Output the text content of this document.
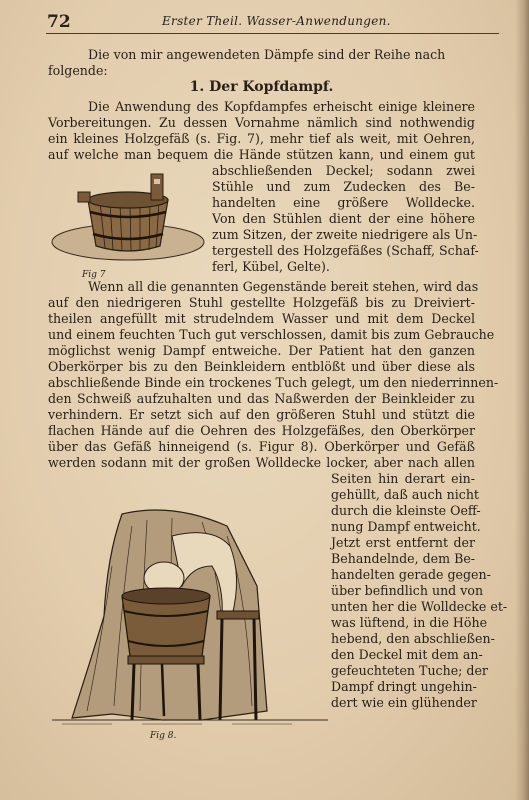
72	Erster Theil. Wasser-Anwendungen.
Die von mir angewendeten Dämpfe sind der Reihe nach
folgende:
1. Der Kopfdampf.
Die Anwendung des Kopfdampfes erheischt einige kleinere
Vorbereitungen. Zu dessen Vornahme nämlich sind nothwendig
ein kleines Holzgefäß (s. Fig. 7), mehr tief als weit, mit Oehren,
auf welche man bequem die Hände stützen kann, und einem gut
Fig 7
abschließenden Deckel; sodann zwei
Stühle und zum Zudecken des Be-
handelten eine größere Wolldecke.
Von den Stühlen dient der eine höhere
zum Sitzen, der zweite niedrigere als Un-
tergestell des Holzgefäßes (Schaff, Schaf-
ferl, Kübel, Gelte).
Wenn all die genannten Gegenstände bereit stehen, wird das
auf den niedrigeren Stuhl gestellte Holzgefäß bis zu Dreiviert-
theilen angefüllt mit strudelndem Wasser und mit dem Deckel
und einem feuchten Tuch gut verschlossen, damit bis zum Gebrauche
möglichst wenig Dampf entweiche. Der Patient hat den ganzen
Oberkörper bis zu den Beinkleidern entblößt und über diese als
abschließende Binde ein trockenes Tuch gelegt, um den niederrinnen-
den Schweiß aufzuhalten und das Naßwerden der Beinkleider zu
verhindern. Er setzt sich auf den größeren Stuhl und stützt die
flachen Hände auf die Oehren des Holzgefäßes, den Oberkörper
über das Gefäß hinneigend (s. Figur 8). Oberkörper und Gefäß
werden sodann mit der großen Wolldecke locker, aber nach allen
Fig 8.
Seiten hin derart ein-
gehüllt, daß auch nicht
durch die kleinste Oeff-
nung Dampf entweicht.
Jetzt erst entfernt der
Behandelnde, dem Be-
handelten gerade gegen-
über befindlich und von
unten her die Wolldecke et-
was lüftend, in die Höhe
hebend, den abschließen-
den Deckel mit dem an-
gefeuchteten Tuche; der
Dampf dringt ungehin-
dert wie ein glühender
